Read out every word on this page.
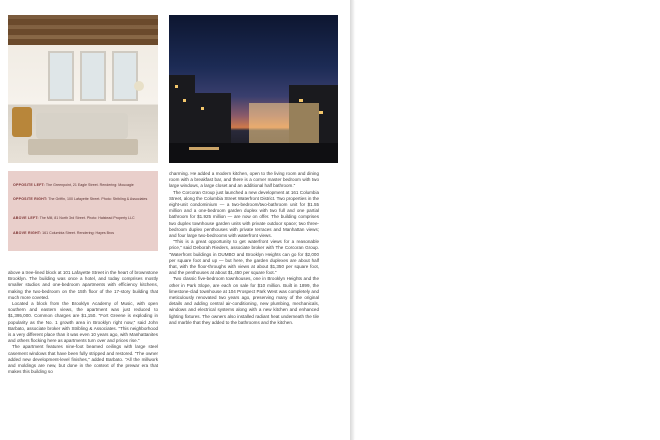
OPPOSITE LEFT: The Greenpoint, 21 Eagle Street. Rendering: Moucagie
OPPOSITE RIGHT: The Griffin, 100 Lafayette Street. Photo: Stribling & Associates
ABOVE LEFT: The Mill, 81 North 3rd Street. Photo: Halstead Property LLC
ABOVE RIGHT: 161 Columbia Street. Rendering: Hayes Bros

above a tree-lined block at 101 Lafayette Street in the heart of brownstone Brooklyn. The building was once a hotel, and today comprises mostly smaller studios and one-bedroom apartments with efficiency kitchens, making the two-bedroom on the 15th floor of the 17-story building that much more coveted.

Located a block from the Brooklyn Academy of Music, with open southern and eastern views, the apartment was just reduced to $1,395,000. Common charges are $1,150. "Fort Greene is exploding in popularity as the No. 1 growth area in Brooklyn right now," said John Barbato, associate broker with Stribling & Associates. "This neighborhood is a very different place than it was even 10 years ago, with Manhattanites and others flocking here as apartments turn over and prices rise."

The apartment features nine-foot beamed ceilings with large steel casement windows that have been fully stripped and restored. "The owner added new development-level finishes," added Barbato. "All the millwork and moldings are new, but done in the context of the prewar era that makes this building so

charming. He added a modern kitchen, open to the living room and dining room with a breakfast bar, and there is a corner master bedroom with two large windows, a large closet and an additional half bathroom."

The Corcoran Group just launched a new development at 161 Columbia Street, along the Columbia Street Waterfront District. Two properties in the eight-unit condominium — a two-bedroom/two-bathroom unit for $1.55 million and a one-bedroom garden duplex with two full and one partial bathroom for $1.925 million — are now on offer. The building comprises two duplex townhouse garden units with private outdoor space; two three-bedroom duplex penthouses with private terraces and Manhattan views; and four large two-bedrooms with waterfront views.

"This is a great opportunity to get waterfront views for a reasonable price," said Deborah Rieders, associate broker with The Corcoran Group. "Waterfront buildings in DUMBO and Brooklyn Heights can go for $2,000 per square foot and up — but here, the garden duplexes are about half that, with the floor-throughs with views at about $1,350 per square foot, and the penthouses at about $1,450 per square foot."

Two classic five-bedroom townhouses, one in Brooklyn Heights and the other in Park Slope, are each on sale for $10 million. Built in 1899, the limestone-clad townhouse at 104 Prospect Park West was completely and meticulously renovated two years ago, preserving many of the original details and adding central air-conditioning, new plumbing, mechanicals, windows and electrical systems along with a new kitchen and enhanced lighting fixtures. The owners also installed radiant heat underneath the tile and marble that they added to the bathrooms and the kitchen.
